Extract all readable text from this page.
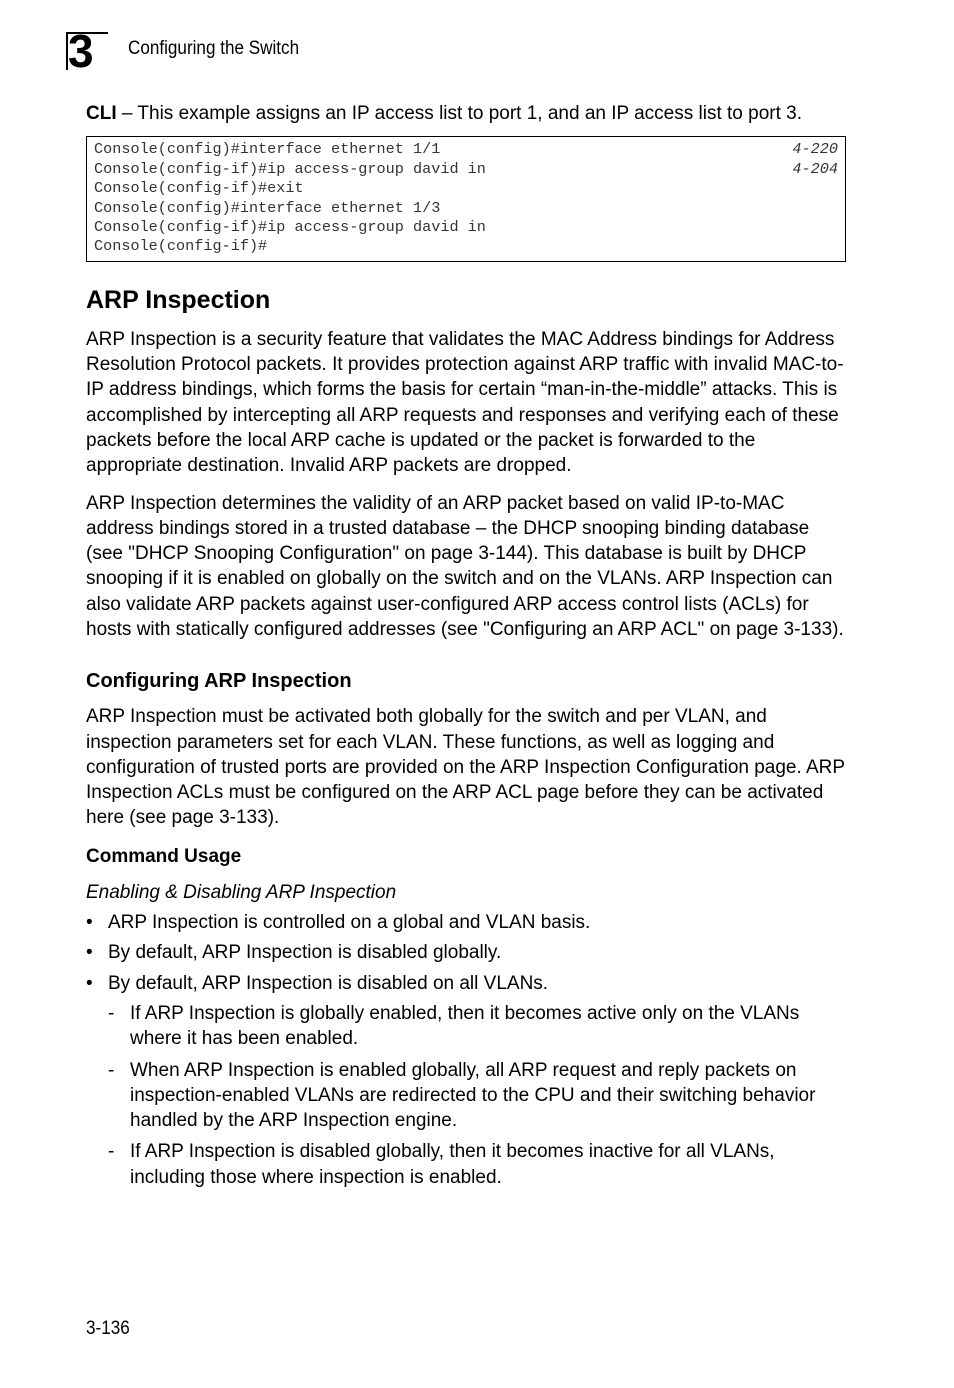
3 Configuring the Switch

CLI – This example assigns an IP access list to port 1, and an IP access list to port 3.

Console(config)#interface ethernet 1/1	4-220
Console(config-if)#ip access-group david in	4-204
Console(config-if)#exit
Console(config)#interface ethernet 1/3
Console(config-if)#ip access-group david in
Console(config-if)#
ARP Inspection

ARP Inspection is a security feature that validates the MAC Address bindings for Address Resolution Protocol packets. It provides protection against ARP traffic with invalid MAC-to-IP address bindings, which forms the basis for certain “man-in-the-middle” attacks. This is accomplished by intercepting all ARP requests and responses and verifying each of these packets before the local ARP cache is updated or the packet is forwarded to the appropriate destination. Invalid ARP packets are dropped.

ARP Inspection determines the validity of an ARP packet based on valid IP-to-MAC address bindings stored in a trusted database – the DHCP snooping binding database (see "DHCP Snooping Configuration" on page 3-144). This database is built by DHCP snooping if it is enabled on globally on the switch and on the VLANs. ARP Inspection can also validate ARP packets against user-configured ARP access control lists (ACLs) for hosts with statically configured addresses (see "Configuring an ARP ACL" on page 3-133).

Configuring ARP Inspection

ARP Inspection must be activated both globally for the switch and per VLAN, and inspection parameters set for each VLAN. These functions, as well as logging and configuration of trusted ports are provided on the ARP Inspection Configuration page. ARP Inspection ACLs must be configured on the ARP ACL page before they can be activated here (see page 3-133).

Command Usage

Enabling & Disabling ARP Inspection

• ARP Inspection is controlled on a global and VLAN basis.
• By default, ARP Inspection is disabled globally.
• By default, ARP Inspection is disabled on all VLANs.
- If ARP Inspection is globally enabled, then it becomes active only on the VLANs where it has been enabled.
- When ARP Inspection is enabled globally, all ARP request and reply packets on inspection-enabled VLANs are redirected to the CPU and their switching behavior handled by the ARP Inspection engine.
- If ARP Inspection is disabled globally, then it becomes inactive for all VLANs, including those where inspection is enabled.
3-136
